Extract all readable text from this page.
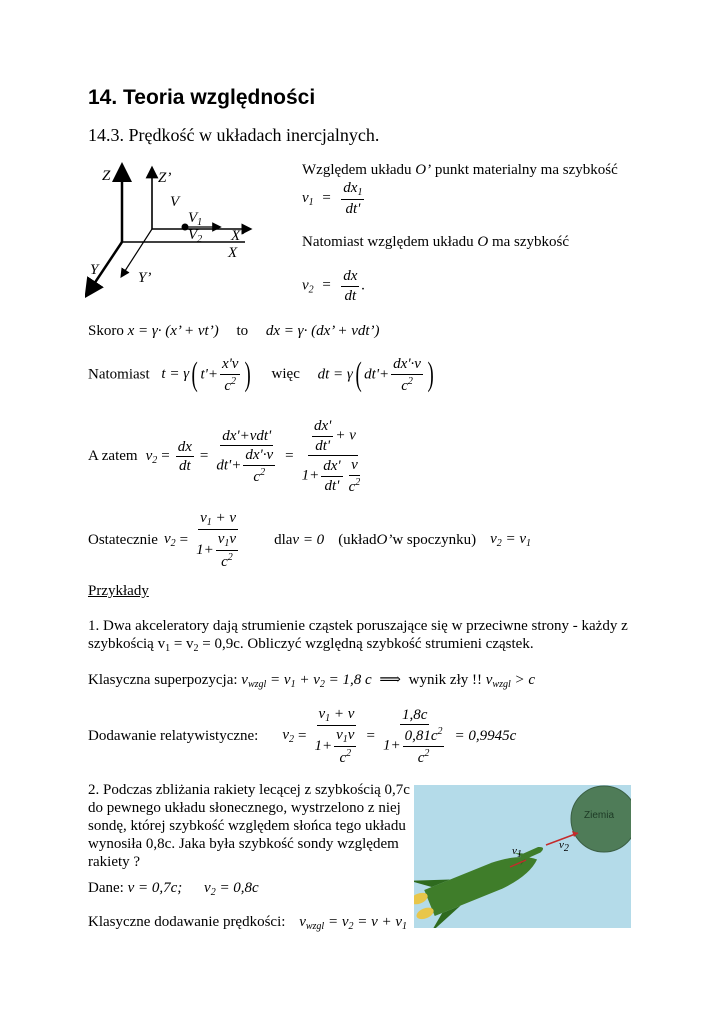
14. Teoria względności
14.3. Prędkość w układach inercjalnych.
Z	Z’
V
$V_1$
$V_2$ X’
X
Y	Y’
Względem układu O’ punkt materialny ma szybkość
$v_1 = \frac{dx_1}{dt'}$
Natomiast względem układu O ma szybkość
$v_2 = \frac{dx}{dt}$ .
Skoro x = γ· (x’ + vt’) to dx = γ· (dx’ + vdt’)
Natomiast t = γ( $t'+ \frac{x'v}{c^2}$ ) więc dt = γ( $dt'+ \frac{dx'\cdot v}{c^2}$ )
A zatem $v_2 = \frac{dx}{dt} = \frac{\text{dx'+vdt'}}{dt'+ \frac{dx'\cdot v}{c^2}} = \frac{\frac{dx'}{dt'} + v}{1+ \frac{dx'}{dt'} \frac{v}{c^2}}$
Ostatecznie $v_2 = \frac{v_1 + v}{1+ \frac{v_1v}{c^2}}$ dla v = 0 (układ O’ w spoczynku) $v_2 = v_1$
Przykłady
1. Dwa akceleratory dają strumienie cząstek poruszające się w przeciwne strony - każdy z
szybkością $v_1 = v_2 = 0,9c$. Obliczyć względną szybkość strumieni cząstek.
Klasyczna superpozycja: $v_{wzgl} = v_1 + v_2 = 1,8$ c ⟹ wynik zły !! $v_{wzgl} > c$
Dodawanie relatywistyczne: $v_2 = \frac{v_1 + v}{1+ \frac{v_1v}{c^2}} = \frac{1,8c}{1+ \frac{0,81c^2}{c^2}} = 0,9945c$
2. Podczas zbliżania rakiety lecącej z szybkością 0,7c
do pewnego układu słonecznego, wystrzelono z niej
sondę, której szybkość względem słońca tego układu
wynosiła 0,8c. Jaka była szybkość sondy względem
rakiety ?
Dane: v = 0,7c; $v_2 = 0,8c$
Klasyczne dodawanie prędkości: $v_{wzgl} = v_2 = v + v_1$
Ziemia
v1
v2
